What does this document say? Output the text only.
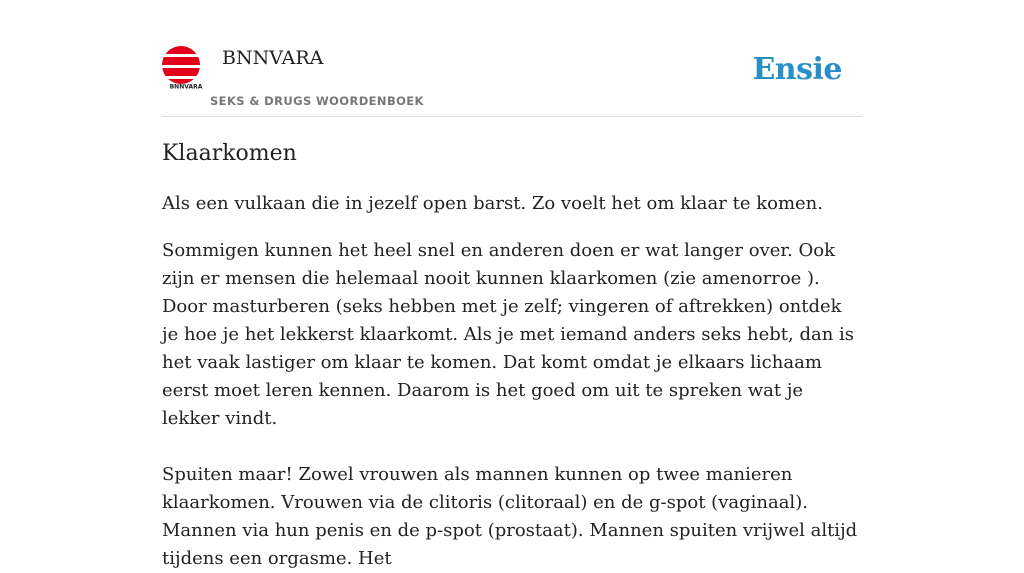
BNNVARA
BNNVARA
SEKS & DRUGS WOORDENBOEK
Ensie
Klaarkomen

Als een vulkaan die in jezelf open barst. Zo voelt het om klaar te komen.

Sommigen kunnen het heel snel en anderen doen er wat langer over. Ook zijn er mensen die helemaal nooit kunnen klaarkomen (zie amenorroe ). Door masturberen (seks hebben met je zelf; vingeren of aftrekken) ontdek je hoe je het lekkerst klaarkomt. Als je met iemand anders seks hebt, dan is het vaak lastiger om klaar te komen. Dat komt omdat je elkaars lichaam eerst moet leren kennen. Daarom is het goed om uit te spreken wat je lekker vindt.

Spuiten maar! Zowel vrouwen als mannen kunnen op twee manieren klaarkomen. Vrouwen via de clitoris (clitoraal) en de g-spot (vaginaal). Mannen via hun penis en de p-spot (prostaat). Mannen spuiten vrijwel altijd tijdens een orgasme. Het
